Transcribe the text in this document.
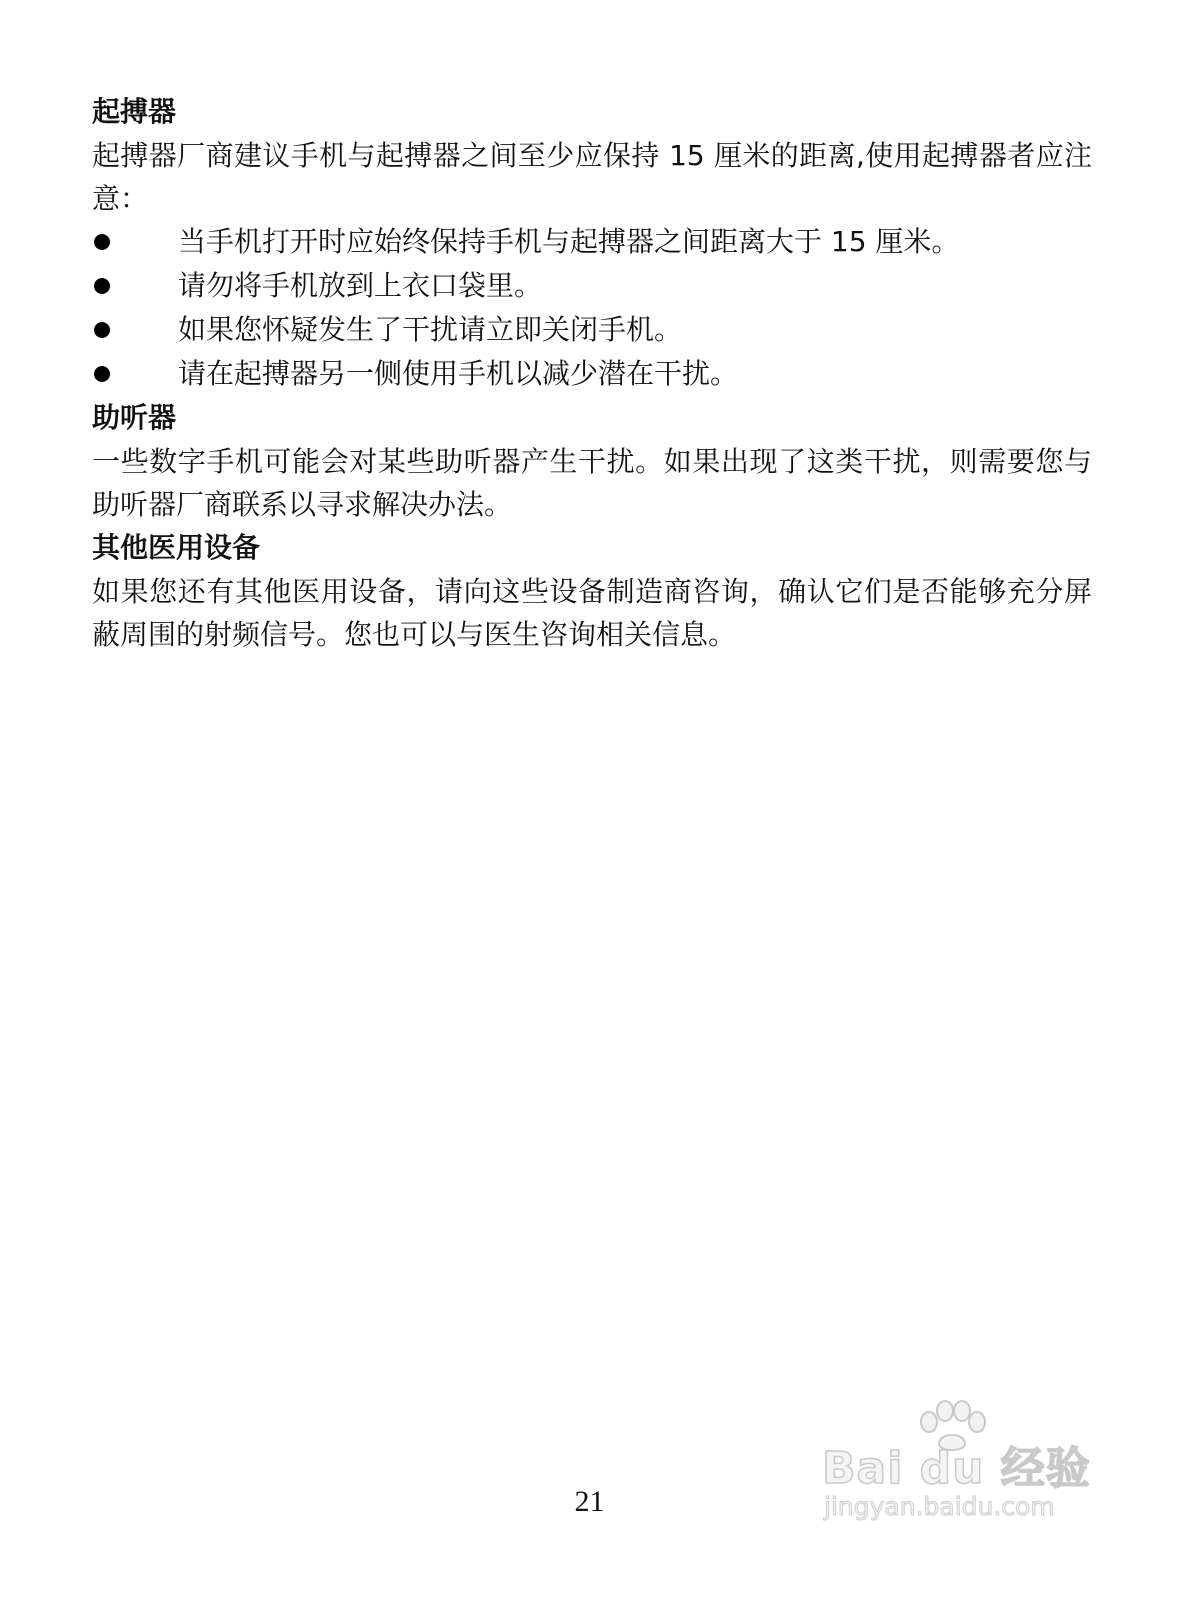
起搏器

起搏器厂商建议手机与起搏器之间至少应保持 15 厘米的距离,使用起搏器者应注意：

当手机打开时应始终保持手机与起搏器之间距离大于 15 厘米。
请勿将手机放到上衣口袋里。
如果您怀疑发生了干扰请立即关闭手机。
请在起搏器另一侧使用手机以减少潜在干扰。

助听器

一些数字手机可能会对某些助听器产生干扰。如果出现了这类干扰，则需要您与助听器厂商联系以寻求解决办法。

其他医用设备

如果您还有其他医用设备，请向这些设备制造商咨询，确认它们是否能够充分屏蔽周围的射频信号。您也可以与医生咨询相关信息。

21
Bai du 经验
jingyan.baidu.com
